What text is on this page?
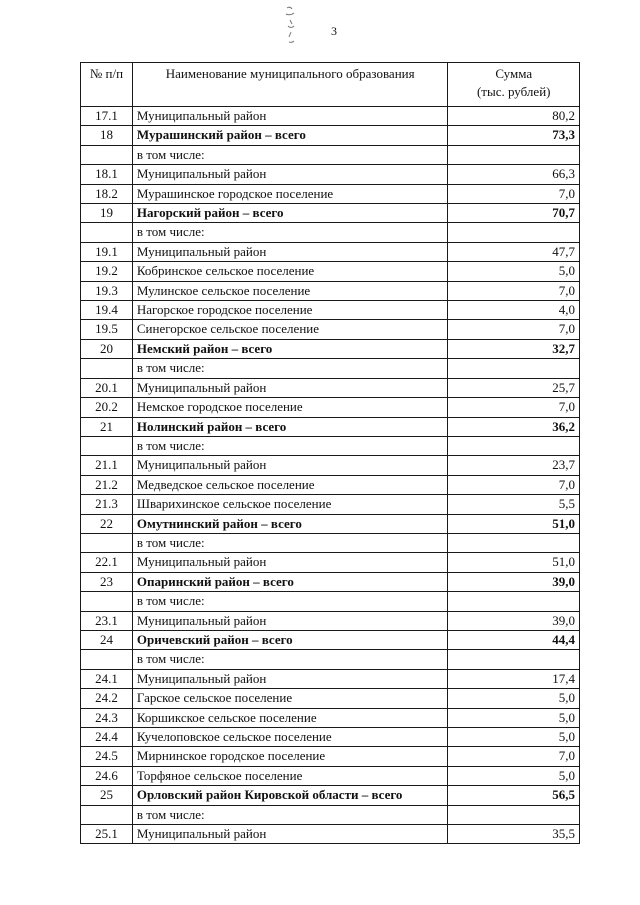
3
№ п/п	Наименование муниципального образования	Сумма
(тыс. рублей)
17.1	Муниципальный район	80,2
18	Мурашинский район – всего	73,3
	в том числе:	
18.1	Муниципальный район	66,3
18.2	Мурашинское городское поселение	7,0
19	Нагорский район – всего	70,7
	в том числе:	
19.1	Муниципальный район	47,7
19.2	Кобринское сельское поселение	5,0
19.3	Мулинское сельское поселение	7,0
19.4	Нагорское городское поселение	4,0
19.5	Синегорское сельское поселение	7,0
20	Немский район – всего	32,7
	в том числе:	
20.1	Муниципальный район	25,7
20.2	Немское городское поселение	7,0
21	Нолинский район – всего	36,2
	в том числе:	
21.1	Муниципальный район	23,7
21.2	Медведское сельское поселение	7,0
21.3	Шварихинское сельское поселение	5,5
22	Омутнинский район – всего	51,0
	в том числе:	
22.1	Муниципальный район	51,0
23	Опаринский район – всего	39,0
	в том числе:	
23.1	Муниципальный район	39,0
24	Оричевский район – всего	44,4
	в том числе:	
24.1	Муниципальный район	17,4
24.2	Гарское сельское поселение	5,0
24.3	Коршикское сельское поселение	5,0
24.4	Кучелоповское сельское поселение	5,0
24.5	Мирнинское городское поселение	7,0
24.6	Торфяное сельское поселение	5,0
25	Орловский район Кировской области – всего	56,5
	в том числе:	
25.1	Муниципальный район	35,5
